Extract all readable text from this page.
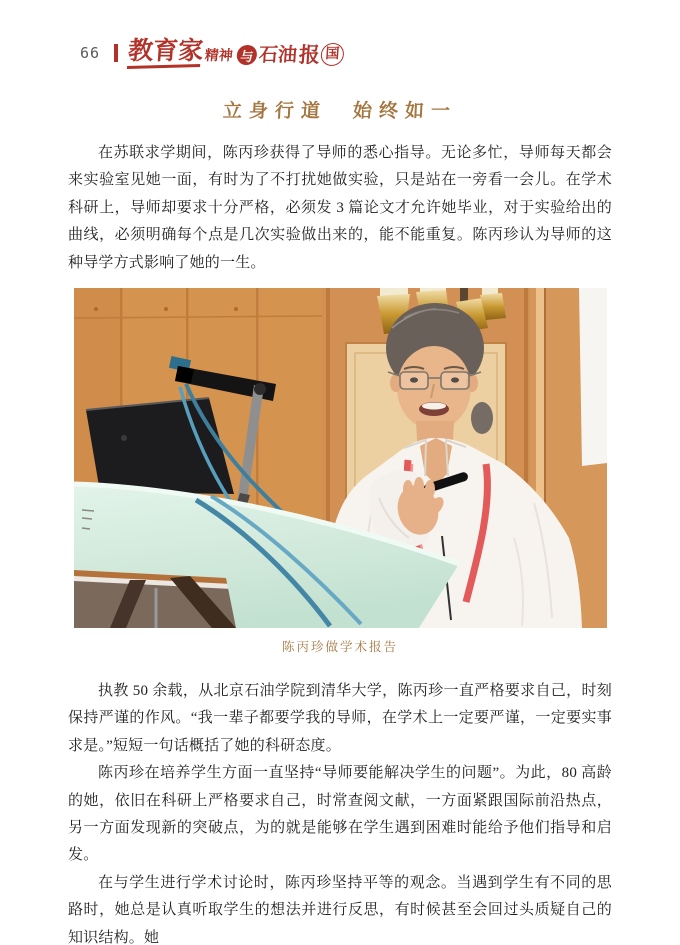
66 教育家 精神 与 石油 报 国
立身行道　始终如一

在苏联求学期间，陈丙珍获得了导师的悉心指导。无论多忙，导师每天都会来实验室见她一面，有时为了不打扰她做实验，只是站在一旁看一会儿。在学术科研上，导师却要求十分严格，必须发 3 篇论文才允许她毕业，对于实验给出的曲线，必须明确每个点是几次实验做出来的，能不能重复。陈丙珍认为导师的这种导学方式影响了她的一生。

陈丙珍做学术报告

执教 50 余载，从北京石油学院到清华大学，陈丙珍一直严格要求自己，时刻保持严谨的作风。“我一辈子都要学我的导师，在学术上一定要严谨，一定要实事求是。”短短一句话概括了她的科研态度。

陈丙珍在培养学生方面一直坚持“导师要能解决学生的问题”。为此，80 高龄的她，依旧在科研上严格要求自己，时常查阅文献，一方面紧跟国际前沿热点，另一方面发现新的突破点，为的就是能够在学生遇到困难时能给予他们指导和启发。

在与学生进行学术讨论时，陈丙珍坚持平等的观念。当遇到学生有不同的思路时，她总是认真听取学生的想法并进行反思，有时候甚至会回过头质疑自己的知识结构。她
